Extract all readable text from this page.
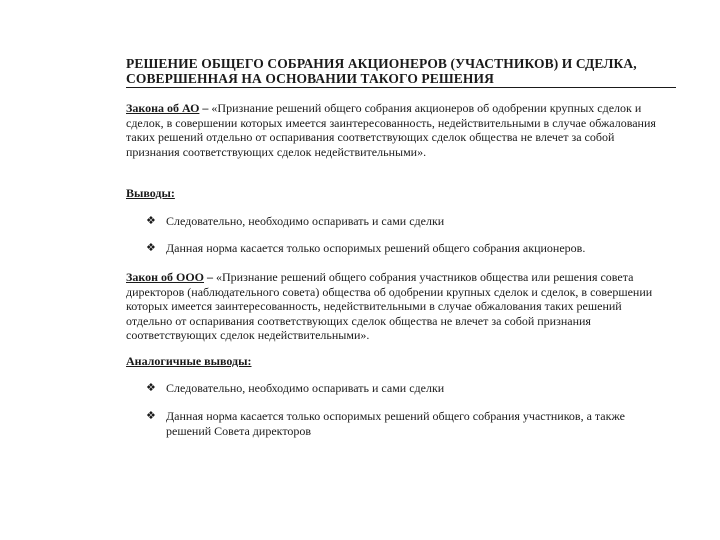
РЕШЕНИЕ ОБЩЕГО СОБРАНИЯ АКЦИОНЕРОВ (УЧАСТНИКОВ) И СДЕЛКА, СОВЕРШЕННАЯ НА ОСНОВАНИИ ТАКОГО РЕШЕНИЯ
Закона об АО – «Признание решений общего собрания акционеров об одобрении крупных сделок и сделок, в совершении которых имеется заинтересованность, недействительными в случае обжалования таких решений отдельно от оспаривания соответствующих сделок общества не влечет за собой признания соответствующих сделок недействительными».
Выводы:
❖ Следовательно, необходимо оспаривать и сами сделки
❖ Данная норма касается только оспоримых решений общего собрания акционеров.
Закон об ООО – «Признание решений общего собрания участников общества или решения совета директоров (наблюдательного совета) общества об одобрении крупных сделок и сделок, в совершении которых имеется заинтересованность, недействительными в случае обжалования таких решений отдельно от оспаривания соответствующих сделок общества не влечет за собой признания соответствующих сделок недействительными».
Аналогичные выводы:
❖ Следовательно, необходимо оспаривать и сами сделки
❖ Данная норма касается только оспоримых решений общего собрания участников, а также решений Совета директоров
